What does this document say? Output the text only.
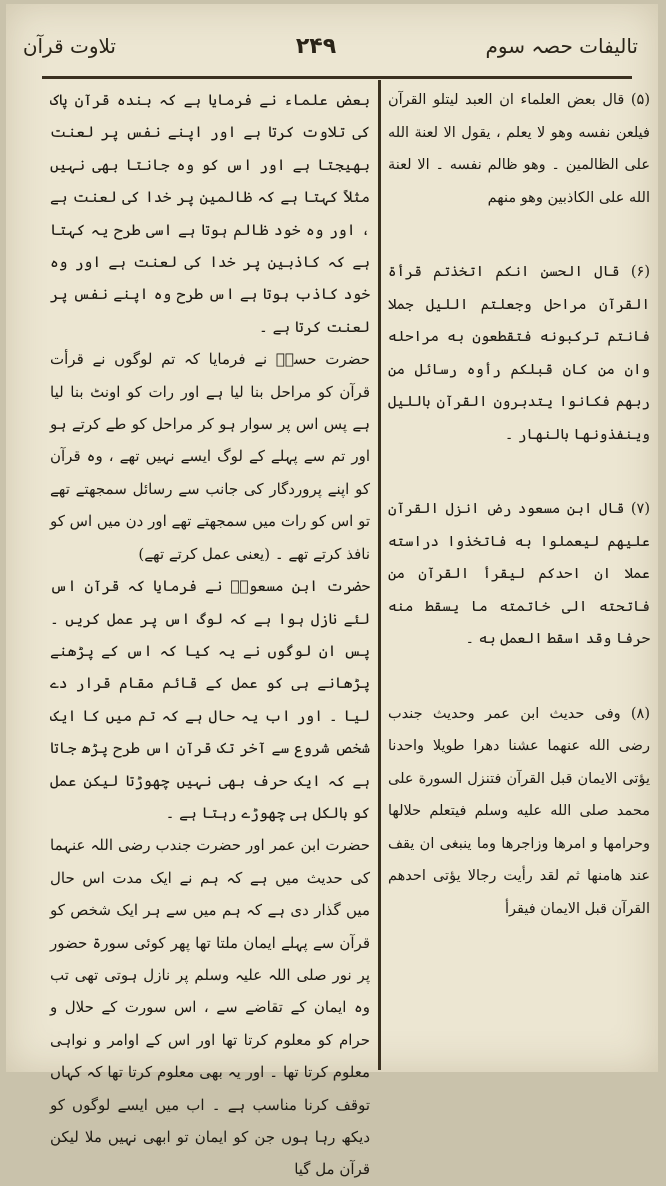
تلاوت قرآن	۲۴۹	تالیفات حصہ سوم

(۵) قال بعض العلماء ان العبد لیتلو القرآن فیلعن نفسه وهو لا یعلم ، یقول الا لعنة الله علی الظالمین ۔ وهو ظالم نفسه ۔ الا لعنة الله علی الکاذبین وهو منهم

(۶) قال الحسن انکم اتخذتم قرأة القرآن مراحل وجعلتم اللیل جملا فانتم ترکبونه فتقطعون به مراحله وان من کان قبلکم رأوه رسائل من ربهم فکانوا یتدبرون القرآن باللیل وینفذونها بالنهار ۔

(۷) قال ابن مسعود رض انزل القرآن علیهم لیعملوا به فاتخذوا دراسته عملا ان احدکم لیقرأ القرآن من فاتحته الی خاتمته ما یسقط منه حرفا وقد اسقط العمل به ۔

(۸) وفی حدیث ابن عمر وحدیث جندب رضی الله عنهما عشنا دهرا طویلا واحدنا یؤتی الایمان قبل القرآن فتنزل السورة علی محمد صلی الله علیه وسلم فیتعلم حلالها وحرامها و امرها وزاجرها وما ینبغی ان یقف عند هامنها ثم لقد رأیت رجالا یؤتی احدهم القرآن قبل الایمان فیقرأ

بعض علماء نے فرمایا ہے کہ بندہ قرآن پاک کی تلاوت کرتا ہے اور اپنے نفس پر لعنت بھیجتا ہے اور اس کو وہ جانتا بھی نہیں مثلاً کہتا ہے کہ ظالمین پر خدا کی لعنت ہے ، اور وہ خود ظالم ہوتا ہے اسی طرح یہ کہتا ہے کہ کاذبین پر خدا کی لعنت ہے اور وہ خود کاذب ہوتا ہے اس طرح وہ اپنے نفس پر لعنت کرتا ہے ۔

حضرت حسنؓ نے فرمایا کہ تم لوگوں نے قرأت قرآن کو مراحل بنا لیا ہے اور رات کو اونٹ بنا لیا ہے پس اس پر سوار ہو کر مراحل کو طے کرتے ہو اور تم سے پہلے کے لوگ ایسے نہیں تھے ، وہ قرآن کو اپنے پروردگار کی جانب سے رسائل سمجھتے تھے تو اس کو رات میں سمجھتے تھے اور دن میں اس کو نافذ کرتے تھے ۔ (یعنی عمل کرتے تھے)

حضرت ابن مسعودؓ نے فرمایا کہ قرآن اس لئے نازل ہوا ہے کہ لوگ اس پر عمل کریں ۔ پس ان لوگوں نے یہ کیا کہ اس کے پڑھنے پڑھانے ہی کو عمل کے قائم مقام قرار دے لیا ۔ اور اب یہ حال ہے کہ تم میں کا ایک شخص شروع سے آخر تک قرآن اس طرح پڑھ جاتا ہے کہ ایک حرف بھی نہیں چھوڑتا لیکن عمل کو بالکل ہی چھوڑے رہتا ہے ۔

حضرت ابن عمر اور حضرت جندب رضی اللہ عنہما کی حدیث میں ہے کہ ہم نے ایک مدت اس حال میں گذار دی ہے کہ ہم میں سے ہر ایک شخص کو قرآن سے پہلے ایمان ملتا تھا پھر کوئی سورۃ حضور پر نور صلی اللہ علیہ وسلم پر نازل ہوتی تھی تب وہ ایمان کے تقاضے سے ، اس سورت کے حلال و حرام کو معلوم کرتا تھا اور اس کے اوامر و نواہی معلوم کرتا تھا ۔ اور یہ بھی معلوم کرتا تھا کہ کہاں توقف کرنا مناسب ہے ۔ اب میں ایسے لوگوں کو دیکھ رہا ہوں جن کو ایمان تو ابھی نہیں ملا لیکن قرآن مل گیا
